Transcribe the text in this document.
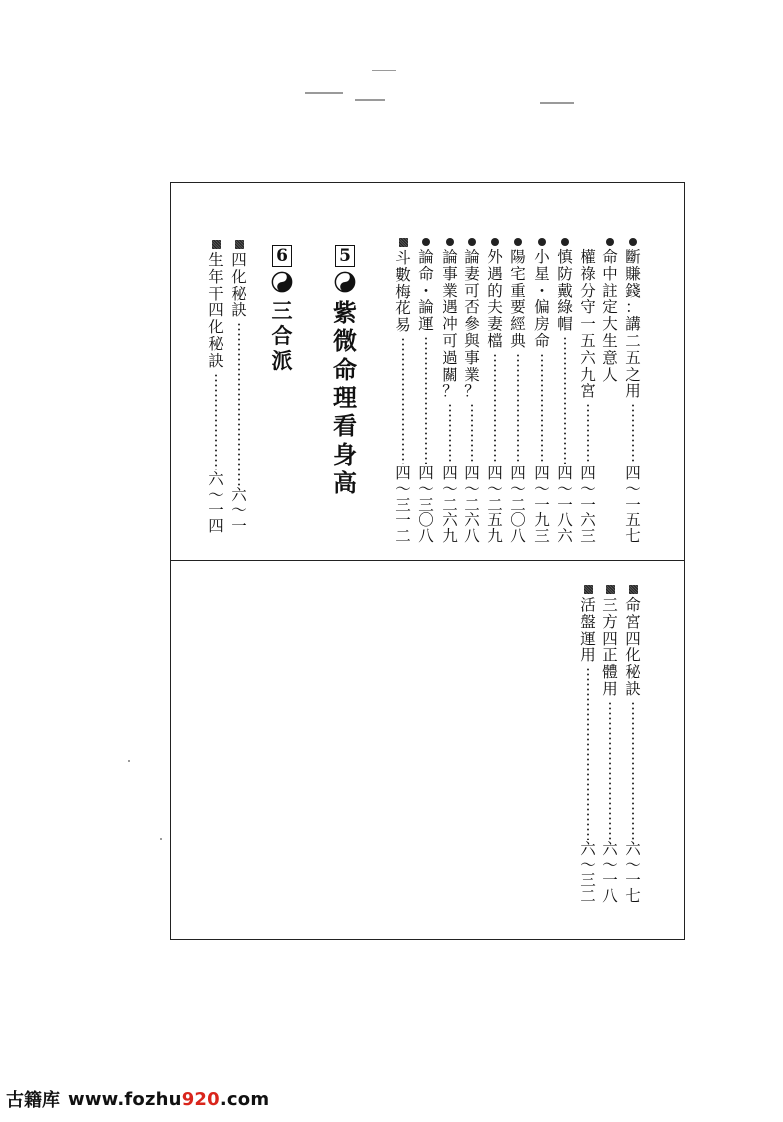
斷
賺
錢
：
講
二
五
之
用
四
〜
一
五
七
命
中
註
定
大
生
意
人
權
祿
分
守
一
五
六
九
宮
四
〜
一
六
三
慎
防
戴
綠
帽
四
〜
一
八
六
小
星
・
偏
房
命
四
〜
一
九
三
陽
宅
重
要
經
典
四
〜
二
〇
八
外
遇
的
夫
妻
檔
四
〜
二
五
九
論
妻
可
否
參
與
事
業
？
四
〜
二
六
八
論
事
業
遇
冲
可
過
關
？
四
〜
二
六
九
論
命
・
論
運
四
〜
三
〇
八
斗
數
梅
花
易
四
〜
三
一
二
5
紫
微
命
理
看
身
高
6
三
合
派
四
化
秘
訣
六
〜
一
生
年
干
四
化
秘
訣
六
〜
一
四
命
宮
四
化
秘
訣
六
〜
一
七
三
方
四
正
體
用
六
〜
一
八
活
盤
運
用
六
〜
三
二
古籍库 www.fozhu920.com
